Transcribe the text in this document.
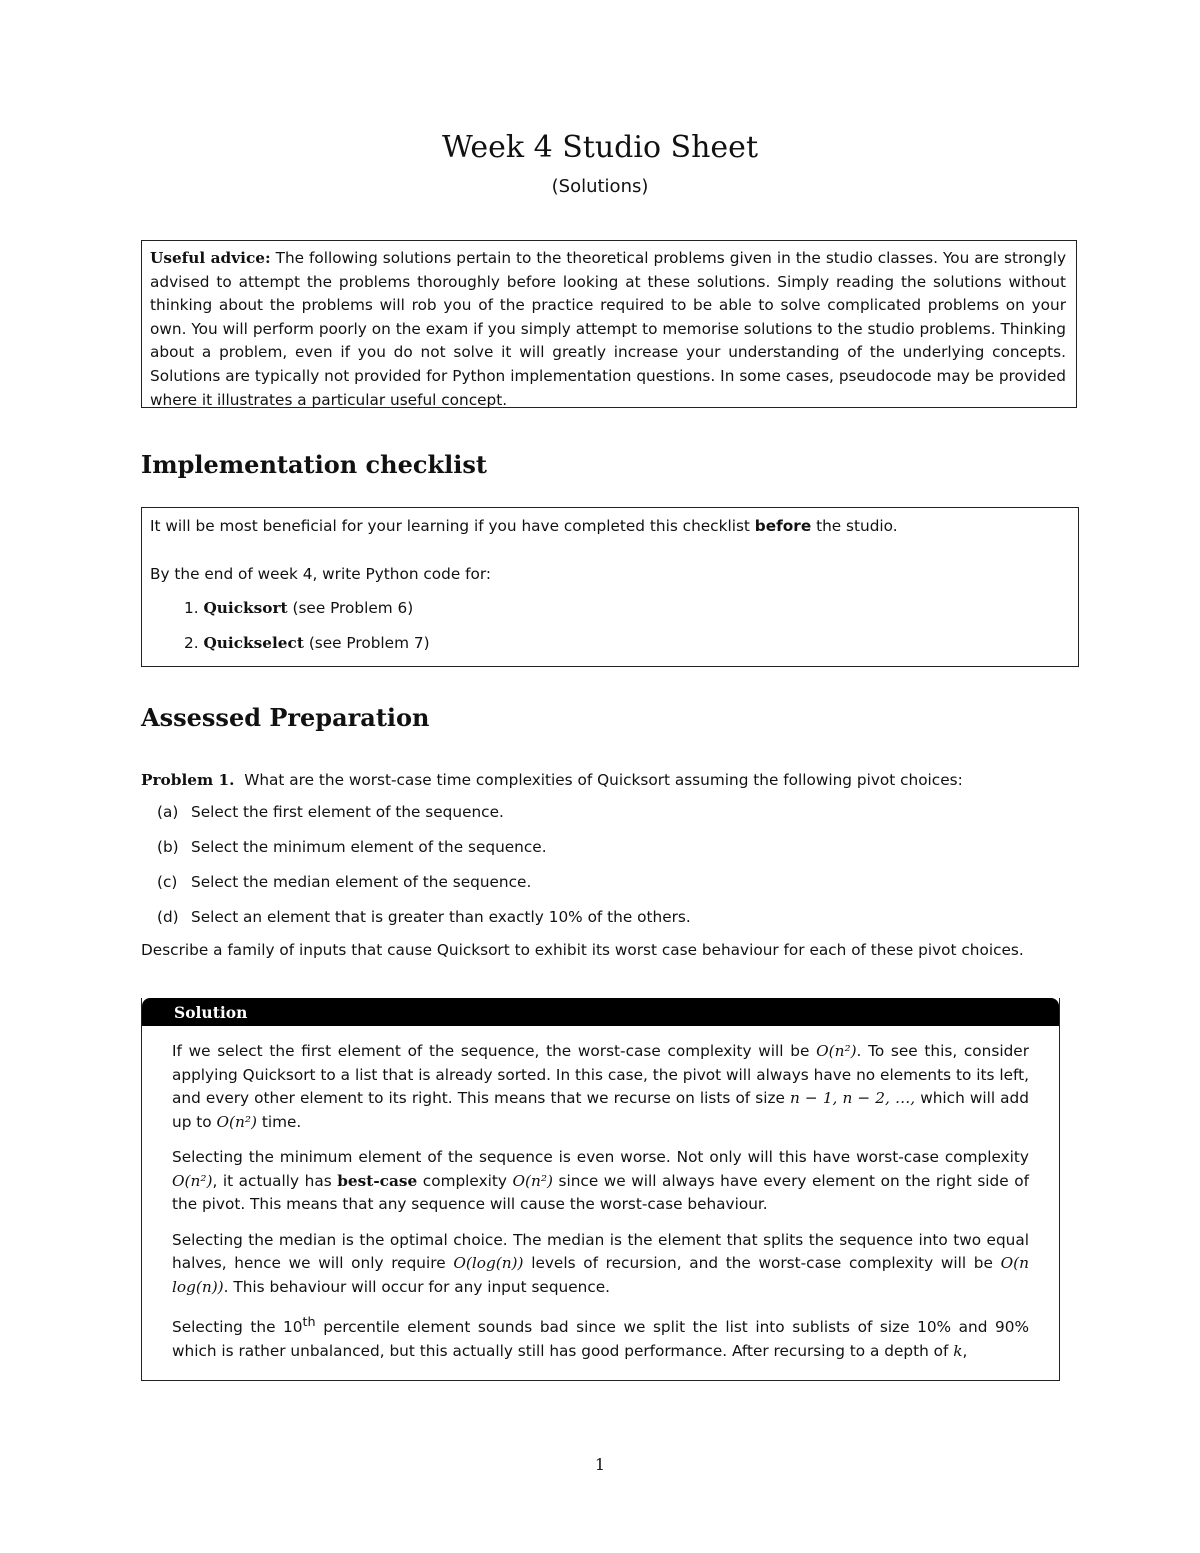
Week 4 Studio Sheet
(Solutions)
Useful advice: The following solutions pertain to the theoretical problems given in the studio classes. You are strongly advised to attempt the problems thoroughly before looking at these solutions. Simply reading the solutions without thinking about the problems will rob you of the practice required to be able to solve complicated problems on your own. You will perform poorly on the exam if you simply attempt to memorise solutions to the studio problems. Thinking about a problem, even if you do not solve it will greatly increase your understanding of the underlying concepts. Solutions are typically not provided for Python implementation questions. In some cases, pseudocode may be provided where it illustrates a particular useful concept.
Implementation checklist

It will be most beneficial for your learning if you have completed this checklist before the studio.

By the end of week 4, write Python code for:

1. Quicksort (see Problem 6)
2. Quickselect (see Problem 7)
Assessed Preparation

Problem 1. What are the worst-case time complexities of Quicksort assuming the following pivot choices:

(a) Select the first element of the sequence.
(b) Select the minimum element of the sequence.
(c) Select the median element of the sequence.
(d) Select an element that is greater than exactly 10% of the others.

Describe a family of inputs that cause Quicksort to exhibit its worst case behaviour for each of these pivot choices.

Solution

If we select the first element of the sequence, the worst-case complexity will be O(n²). To see this, consider applying Quicksort to a list that is already sorted. In this case, the pivot will always have no elements to its left, and every other element to its right. This means that we recurse on lists of size n − 1, n − 2, …, which will add up to O(n²) time.

Selecting the minimum element of the sequence is even worse. Not only will this have worst-case complexity O(n²), it actually has best-case complexity O(n²) since we will always have every element on the right side of the pivot. This means that any sequence will cause the worst-case behaviour.

Selecting the median is the optimal choice. The median is the element that splits the sequence into two equal halves, hence we will only require O(log(n)) levels of recursion, and the worst-case complexity will be O(n log(n)). This behaviour will occur for any input sequence.

Selecting the 10th percentile element sounds bad since we split the list into sublists of size 10% and 90% which is rather unbalanced, but this actually still has good performance. After recursing to a depth of k,

1
